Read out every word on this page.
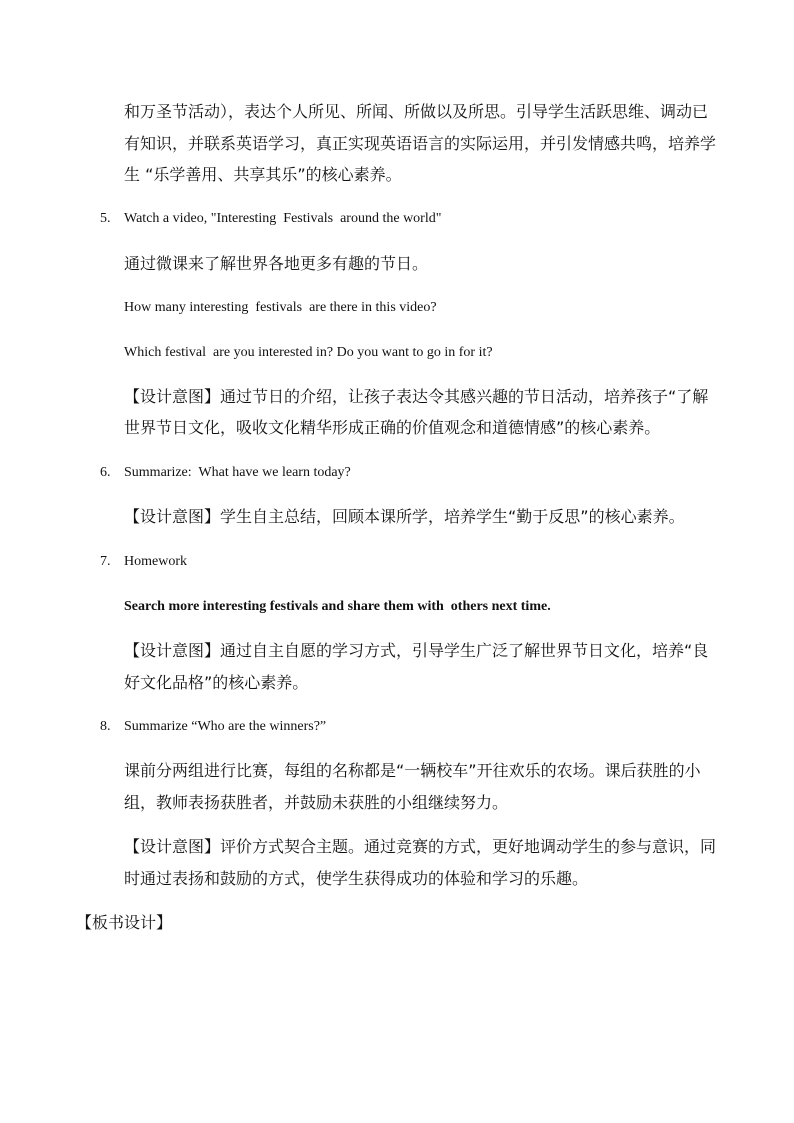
和万圣节活动），表达个人所见、所闻、所做以及所思。引导学生活跃思维、调动已
有知识，并联系英语学习，真正实现英语语言的实际运用，并引发情感共鸣，培养学
生 “乐学善用、共享其乐”的核心素养。
5. Watch a video, "Interesting  Festivals  around the world"
通过微课来了解世界各地更多有趣的节日。
How many interesting  festivals  are there in this video?
Which festival  are you interested in? Do you want to go in for it?
【设计意图】通过节日的介绍，让孩子表达令其感兴趣的节日活动，培养孩子“了解
世界节日文化，吸收文化精华形成正确的价值观念和道德情感”的核心素养。
6. Summarize:  What have we learn today?
【设计意图】学生自主总结，回顾本课所学，培养学生“勤于反思”的核心素养。
7. Homework
Search more interesting festivals and share them with  others next time.
【设计意图】通过自主自愿的学习方式，引导学生广泛了解世界节日文化，培养“良
好文化品格”的核心素养。
8. Summarize “Who are the winners?”
课前分两组进行比赛，每组的名称都是“一辆校车”开往欢乐的农场。课后获胜的小
组，教师表扬获胜者，并鼓励未获胜的小组继续努力。
【设计意图】评价方式契合主题。通过竞赛的方式，更好地调动学生的参与意识，同
时通过表扬和鼓励的方式，使学生获得成功的体验和学习的乐趣。
【板书设计】
